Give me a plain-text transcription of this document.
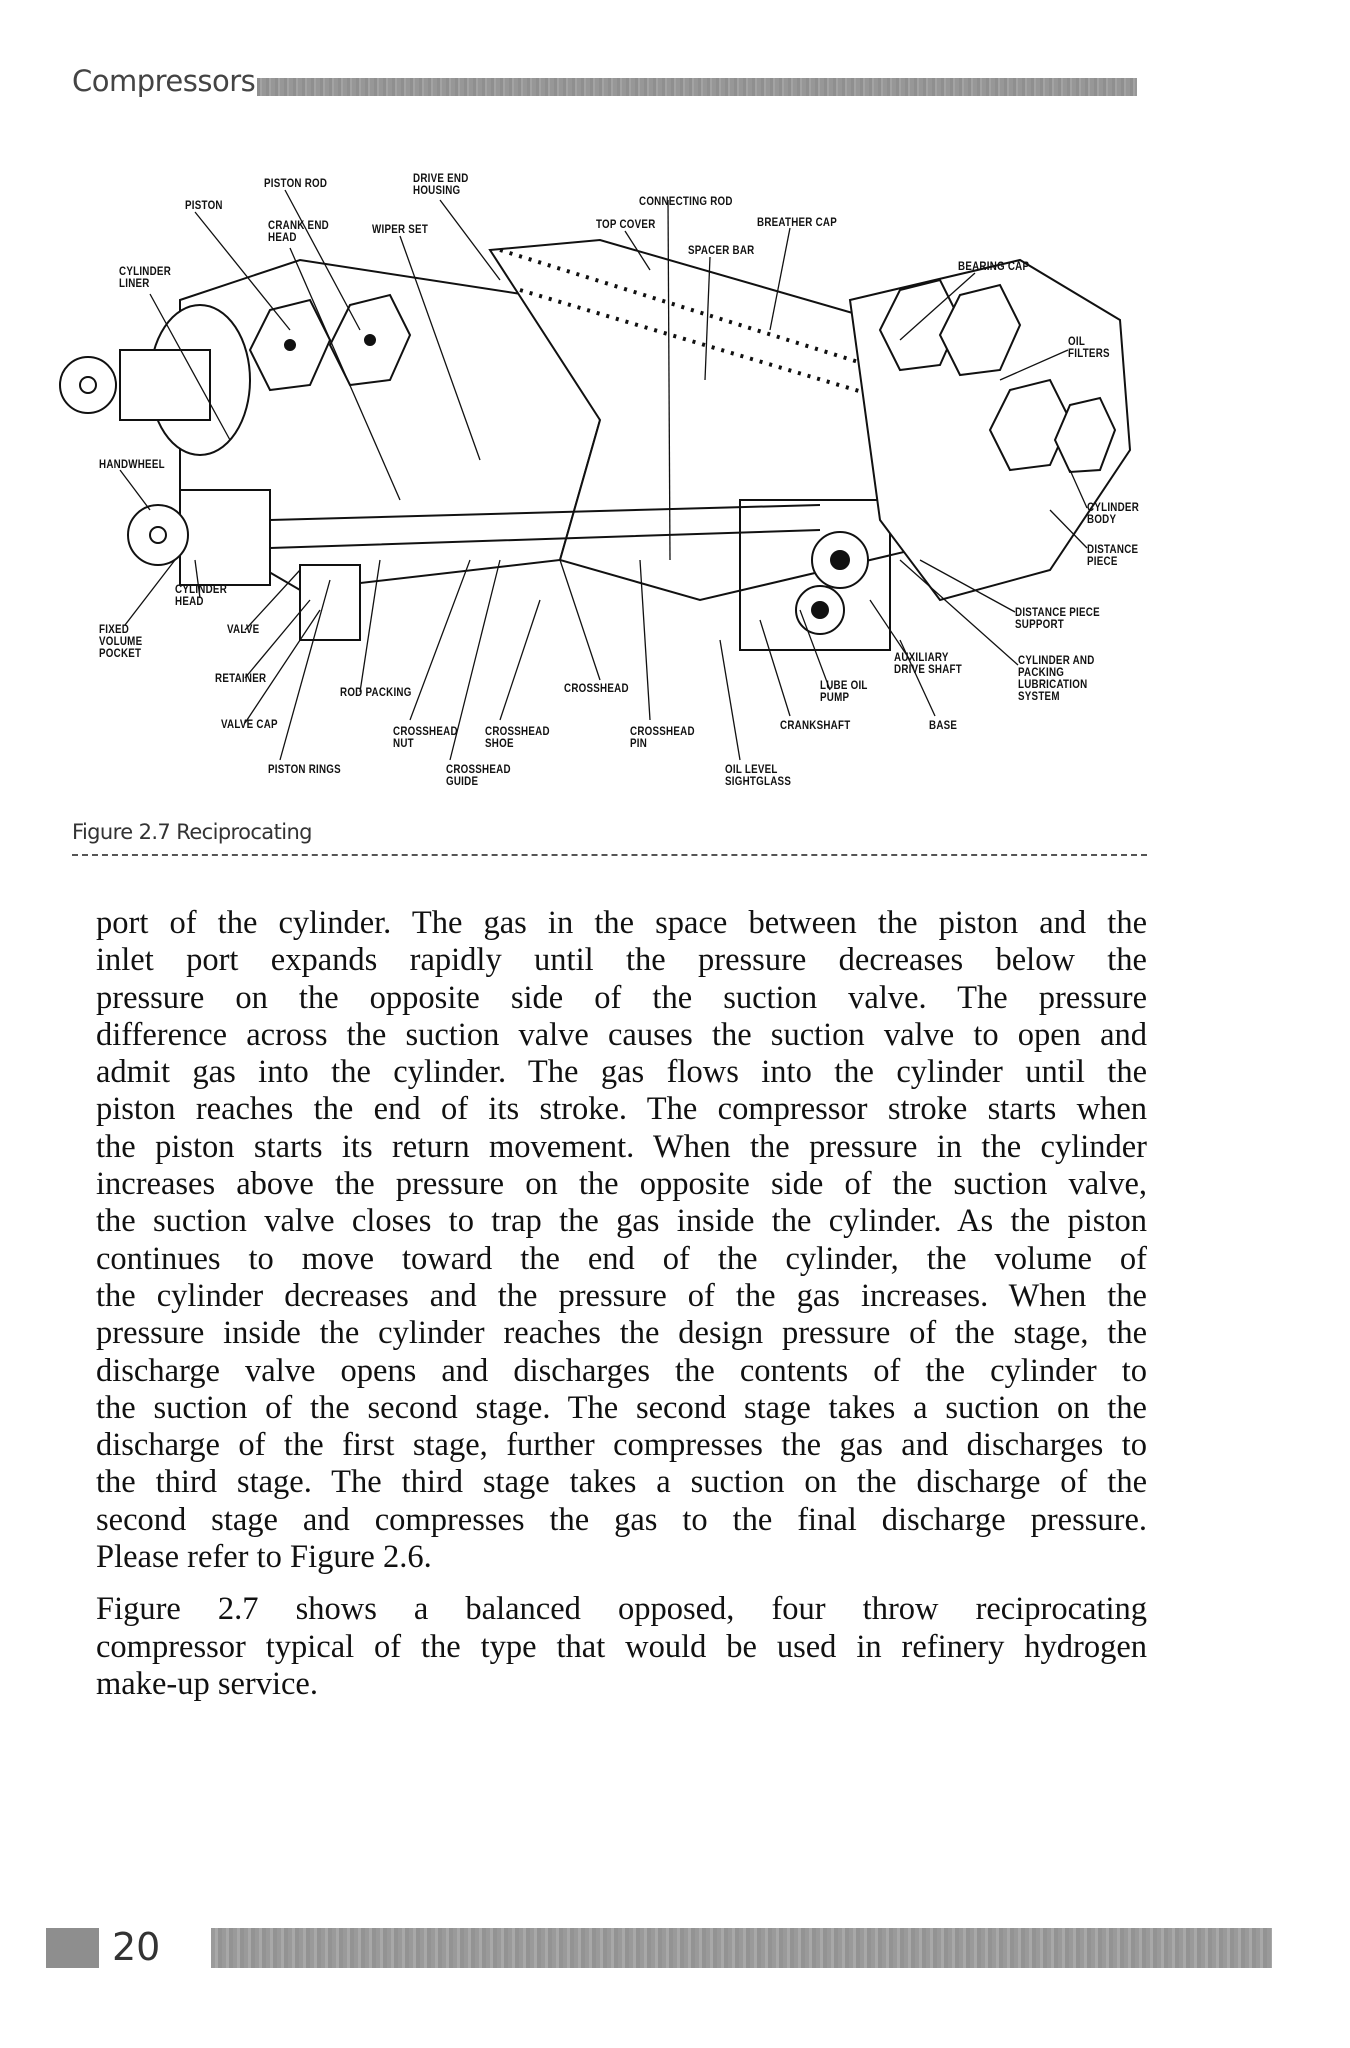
Compressors
PISTON ROD	DRIVE END
HOUSING
CONNECTING ROD
PISTON
CRANK END
HEAD
WIPER SET	TOP COVER	BREATHER CAP
SPACER BAR
BEARING CAP
CYLINDER
LINER
OIL
FILTERS
HANDWHEEL
CYLINDER
BODY
DISTANCE
PIECE
CYLINDER
HEAD
FIXED
VOLUME
POCKET
VALVE
DISTANCE PIECE
SUPPORT
AUXILIARY
DRIVE SHAFT
CYLINDER AND
PACKING
LUBRICATION
SYSTEM
RETAINER
ROD PACKING	CROSSHEAD	LUBE OIL
PUMP
VALVE CAP
CROSSHEAD
NUT
CROSSHEAD
SHOE
CROSSHEAD
PIN
CRANKSHAFT	BASE
PISTON RINGS	CROSSHEAD
GUIDE
OIL LEVEL
SIGHTGLASS
Figure 2.7 Reciprocating
port of the cylinder. The gas in the space between the piston and the
inlet port expands rapidly until the pressure decreases below the
pressure on the opposite side of the suction valve. The pressure
difference across the suction valve causes the suction valve to open and
admit gas into the cylinder. The gas flows into the cylinder until the
piston reaches the end of its stroke. The compressor stroke starts when
the piston starts its return movement. When the pressure in the cylinder
increases above the pressure on the opposite side of the suction valve,
the suction valve closes to trap the gas inside the cylinder. As the piston
continues to move toward the end of the cylinder, the volume of
the cylinder decreases and the pressure of the gas increases. When the
pressure inside the cylinder reaches the design pressure of the stage, the
discharge valve opens and discharges the contents of the cylinder to
the suction of the second stage. The second stage takes a suction on the
discharge of the first stage, further compresses the gas and discharges to
the third stage. The third stage takes a suction on the discharge of the
second stage and compresses the gas to the final discharge pressure.
Please refer to Figure 2.6.
Figure 2.7 shows a balanced opposed, four throw reciprocating
compressor typical of the type that would be used in refinery hydrogen
make-up service.
20
